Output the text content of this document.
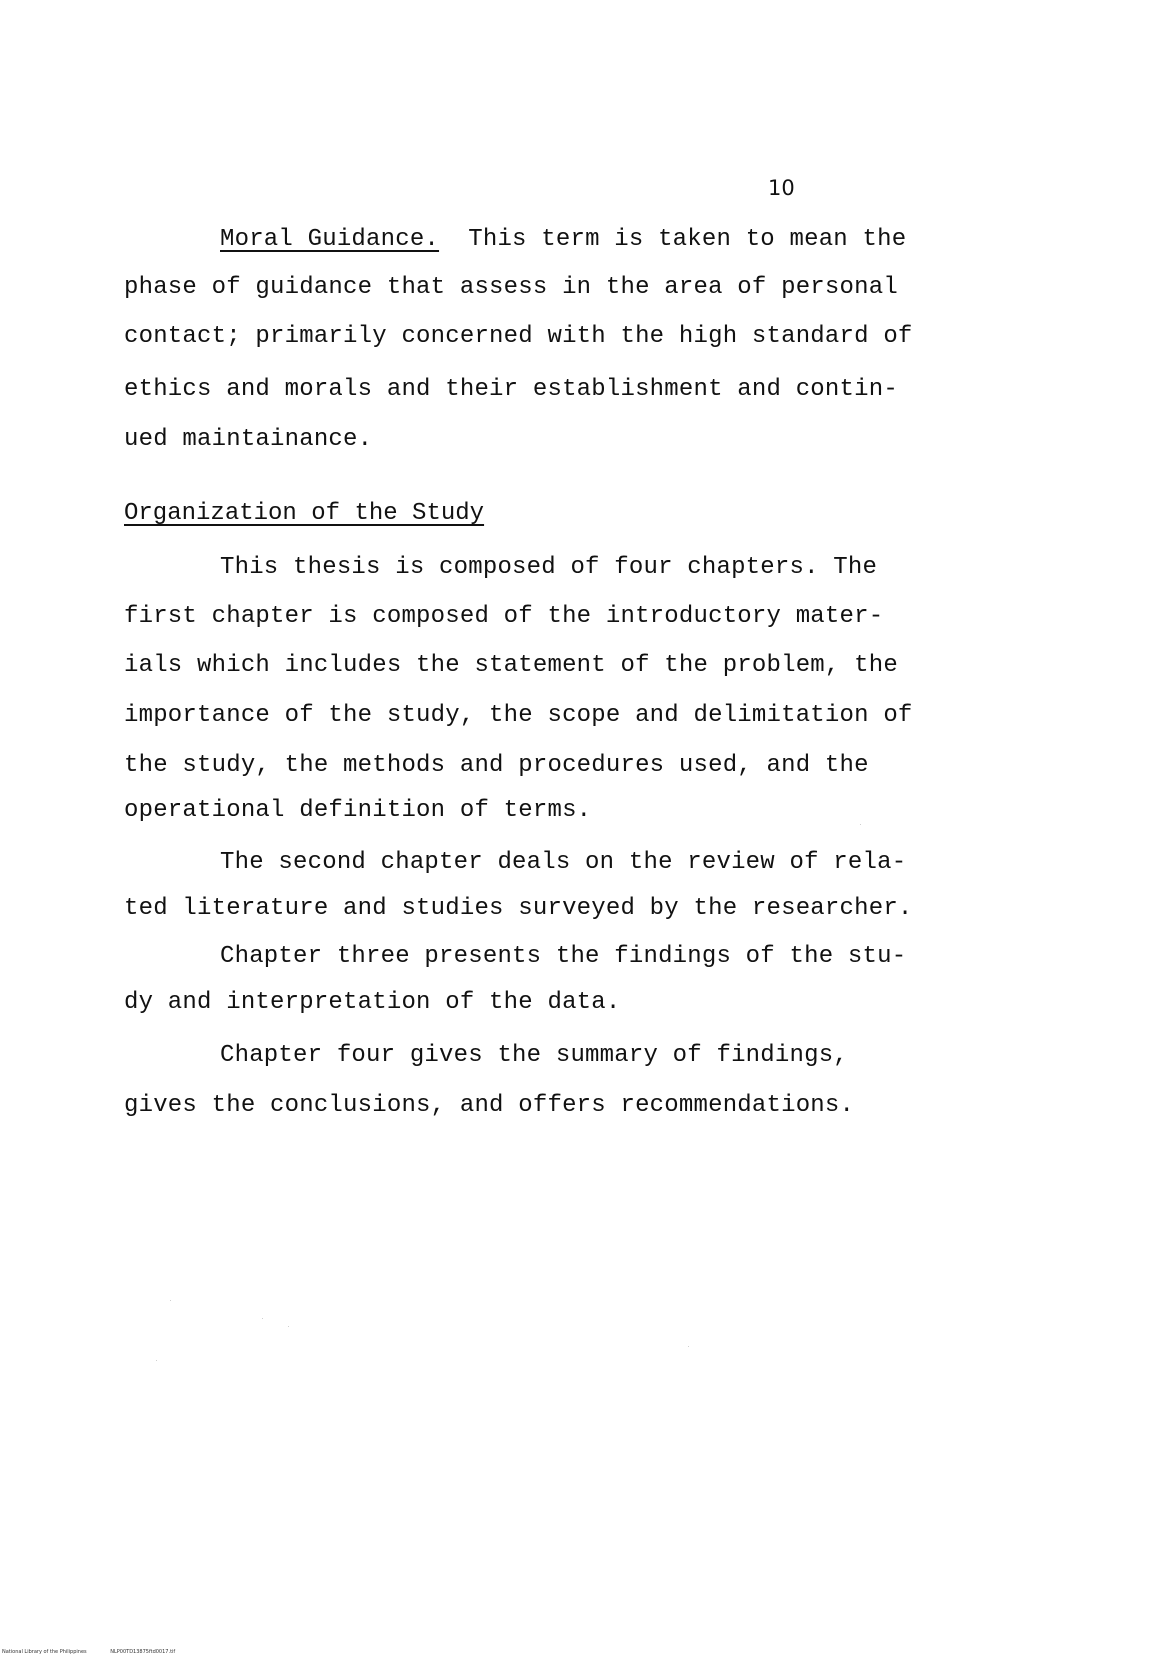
10
Moral Guidance.  This term is taken to mean the
phase of guidance that assess in the area of personal
contact; primarily concerned with the high standard of
ethics and morals and their establishment and contin-
ued maintainance.
Organization of the Study
This thesis is composed of four chapters. The
first chapter is composed of the introductory mater-
ials which includes the statement of the problem, the
importance of the study, the scope and delimitation of
the study, the methods and procedures used, and the
operational definition of terms.
The second chapter deals on the review of rela-
ted literature and studies surveyed by the researcher.
Chapter three presents the findings of the stu-
dy and interpretation of the data.
Chapter four gives the summary of findings,
gives the conclusions, and offers recommendations.
National Library of the Philippines	NLP00TD13875ftd0017.tif
